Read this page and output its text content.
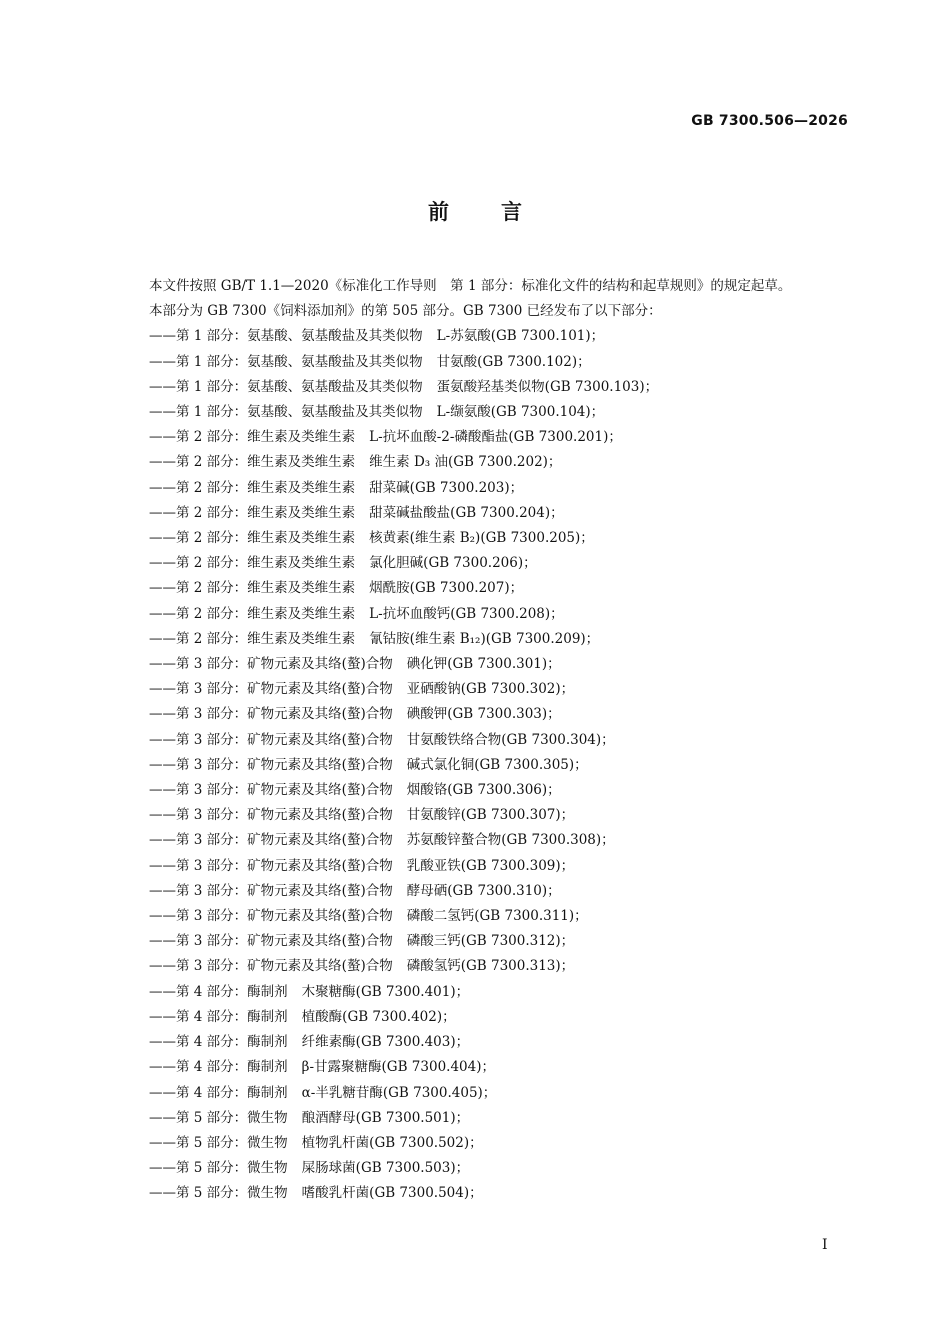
GB 7300.506—2026
前言

本文件按照 GB/T 1.1—2020《标准化工作导则　第 1 部分：标准化文件的结构和起草规则》的规定起草。

本部分为 GB 7300《饲料添加剂》的第 505 部分。GB 7300 已经发布了以下部分：

——第 1 部分：氨基酸、氨基酸盐及其类似物 L-苏氨酸(GB 7300.101)；
——第 1 部分：氨基酸、氨基酸盐及其类似物 甘氨酸(GB 7300.102)；
——第 1 部分：氨基酸、氨基酸盐及其类似物 蛋氨酸羟基类似物(GB 7300.103)；
——第 1 部分：氨基酸、氨基酸盐及其类似物 L-缬氨酸(GB 7300.104)；
——第 2 部分：维生素及类维生素 L-抗坏血酸-2-磷酸酯盐(GB 7300.201)；
——第 2 部分：维生素及类维生素 维生素 D₃ 油(GB 7300.202)；
——第 2 部分：维生素及类维生素 甜菜碱(GB 7300.203)；
——第 2 部分：维生素及类维生素 甜菜碱盐酸盐(GB 7300.204)；
——第 2 部分：维生素及类维生素 核黄素(维生素 B₂)(GB 7300.205)；
——第 2 部分：维生素及类维生素 氯化胆碱(GB 7300.206)；
——第 2 部分：维生素及类维生素 烟酰胺(GB 7300.207)；
——第 2 部分：维生素及类维生素 L-抗坏血酸钙(GB 7300.208)；
——第 2 部分：维生素及类维生素 氰钴胺(维生素 B₁₂)(GB 7300.209)；
——第 3 部分：矿物元素及其络(螯)合物 碘化钾(GB 7300.301)；
——第 3 部分：矿物元素及其络(螯)合物 亚硒酸钠(GB 7300.302)；
——第 3 部分：矿物元素及其络(螯)合物 碘酸钾(GB 7300.303)；
——第 3 部分：矿物元素及其络(螯)合物 甘氨酸铁络合物(GB 7300.304)；
——第 3 部分：矿物元素及其络(螯)合物 碱式氯化铜(GB 7300.305)；
——第 3 部分：矿物元素及其络(螯)合物 烟酸铬(GB 7300.306)；
——第 3 部分：矿物元素及其络(螯)合物 甘氨酸锌(GB 7300.307)；
——第 3 部分：矿物元素及其络(螯)合物 苏氨酸锌螯合物(GB 7300.308)；
——第 3 部分：矿物元素及其络(螯)合物 乳酸亚铁(GB 7300.309)；
——第 3 部分：矿物元素及其络(螯)合物 酵母硒(GB 7300.310)；
——第 3 部分：矿物元素及其络(螯)合物 磷酸二氢钙(GB 7300.311)；
——第 3 部分：矿物元素及其络(螯)合物 磷酸三钙(GB 7300.312)；
——第 3 部分：矿物元素及其络(螯)合物 磷酸氢钙(GB 7300.313)；
——第 4 部分：酶制剂 木聚糖酶(GB 7300.401)；
——第 4 部分：酶制剂 植酸酶(GB 7300.402)；
——第 4 部分：酶制剂 纤维素酶(GB 7300.403)；
——第 4 部分：酶制剂 β-甘露聚糖酶(GB 7300.404)；
——第 4 部分：酶制剂 α-半乳糖苷酶(GB 7300.405)；
——第 5 部分：微生物 酿酒酵母(GB 7300.501)；
——第 5 部分：微生物 植物乳杆菌(GB 7300.502)；
——第 5 部分：微生物 屎肠球菌(GB 7300.503)；
——第 5 部分：微生物 嗜酸乳杆菌(GB 7300.504)；
I
